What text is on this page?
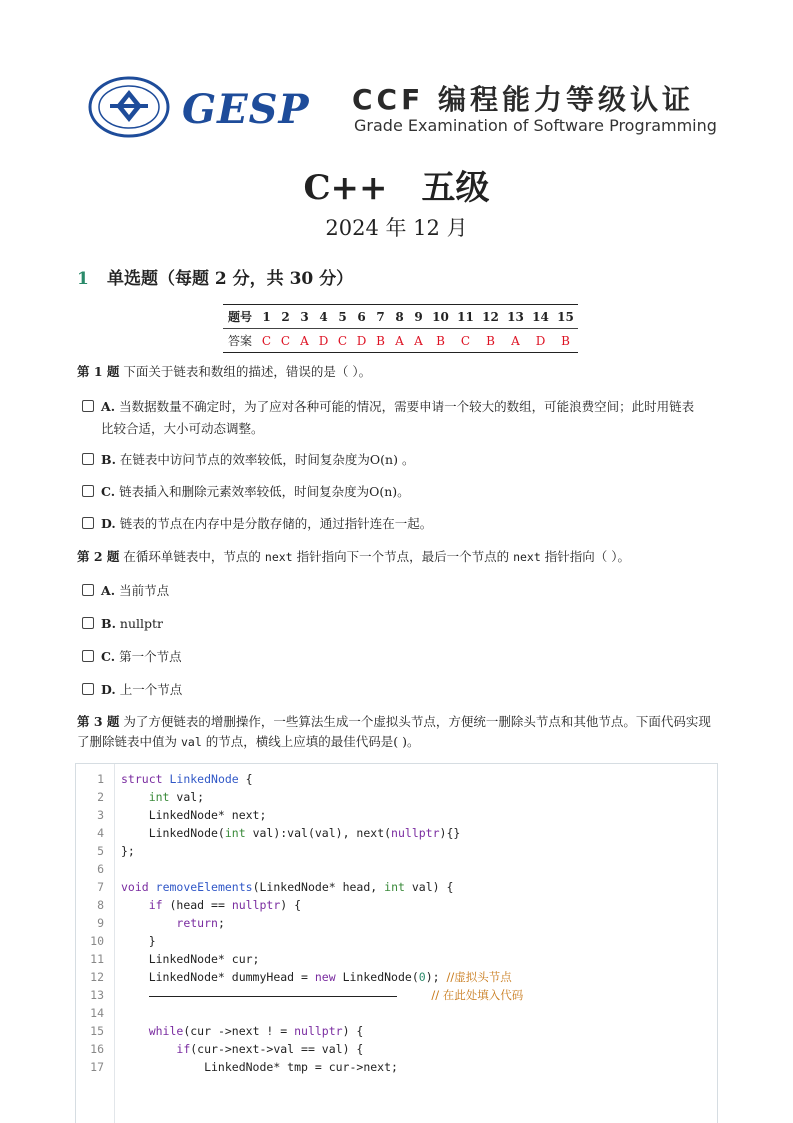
GESP CCF 编程能力等级认证
Grade Examination of Software Programming
C++　五级
2024 年 12 月
1 单选题（每题 2 分，共 30 分）
题号	1	2	3	4	5	6	7	8	9	10	11	12	13	14	15
答案	C	C	A	D	C	D	B	A	A	B	C	B	A	D	B
第 1 题 下面关于链表和数组的描述，错误的是（ ）。
A. 当数据数量不确定时，为了应对各种可能的情况，需要申请一个较大的数组，可能浪费空间；此时用链表比较合适，大小可动态调整。
B. 在链表中访问节点的效率较低，时间复杂度为O(n) 。
C. 链表插入和删除元素效率较低，时间复杂度为O(n)。
D. 链表的节点在内存中是分散存储的，通过指针连在一起。
第 2 题 在循环单链表中，节点的 next 指针指向下一个节点，最后一个节点的 next 指针指向（ ）。
A. 当前节点
B. nullptr
C. 第一个节点
D. 上一个节点
第 3 题 为了方便链表的增删操作，一些算法生成一个虚拟头节点，方便统一删除头节点和其他节点。下面代码实现了删除链表中值为 val 的节点，横线上应填的最佳代码是( )。
1 struct LinkedNode {
2	int val;
3 LinkedNode* next;
4 LinkedNode(int val):val(val), next(nullptr){}
5 };
6
7 void removeElements(LinkedNode* head, int val) {
8	if (head == nullptr) {
9	return;
10 }
11 LinkedNode* cur;
12 LinkedNode* dummyHead = new LinkedNode(0); //虚拟头节点
13	// 在此处填入代码
14
15	while(cur ->next ! = nullptr) {
16	if(cur->next->val == val) {
17 LinkedNode* tmp = cur->next;
